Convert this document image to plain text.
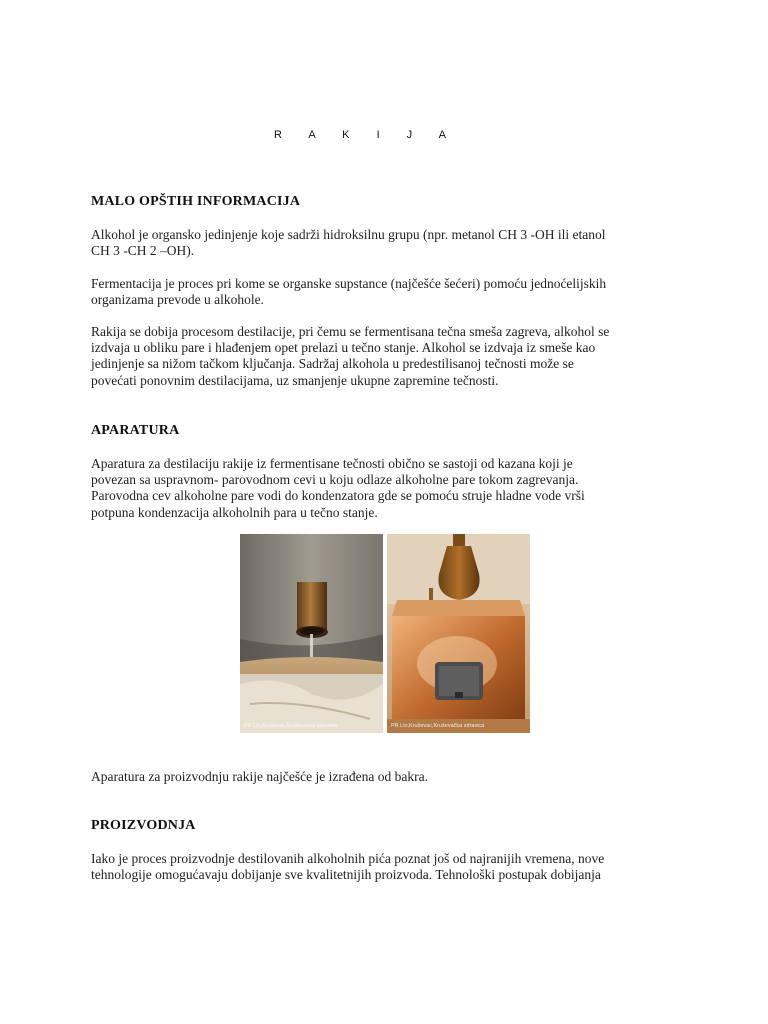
R A K I J A
MALO OPŠTIH INFORMACIJA
Alkohol je organsko jedinjenje koje sadrži hidroksilnu grupu (npr. metanol CH 3 -OH ili etanol
CH 3 -CH 2 –OH).
Fermentacija je proces pri kome se organske supstance (najčešće šećeri) pomoću jednoćelijskih
organizama prevode u alkohole.
Rakija se dobija procesom destilacije, pri čemu se fermentisana tečna smeša zagreva, alkohol se
izdvaja u obliku pare i hlađenjem opet prelazi u tečno stanje. Alkohol se izdvaja iz smeše kao
jedinjenje sa nižom tačkom ključanja. Sadržaj alkohola u predestilisanoj tečnosti može se
povećati ponovnim destilacijama, uz smanjenje ukupne zapremine tečnosti.
APARATURA
Aparatura za destilaciju rakije iz fermentisane tečnosti obično se sastoji od kazana koji je
povezan sa uspravnom- parovodnom cevi u koju odlaze alkoholne pare tokom zagrevanja.
Parovodna cev alkoholne pare vodi do kondenzatora gde se pomoću struje hladne vode vrši
potpuna kondenzacija alkoholnih para u tečno stanje.
PR Lin,Kruševac,Kruševačka zdravica	PR Lin,Kruševac,Kruševačka zdravica
Aparatura za proizvodnju rakije najčešće je izrađena od bakra.
PROIZVODNJA
Iako je proces proizvodnje destilovanih alkoholnih pića poznat još od najranijih vremena, nove
tehnologije omogućavaju dobijanje sve kvalitetnijih proizvoda. Tehnološki postupak dobijanja
